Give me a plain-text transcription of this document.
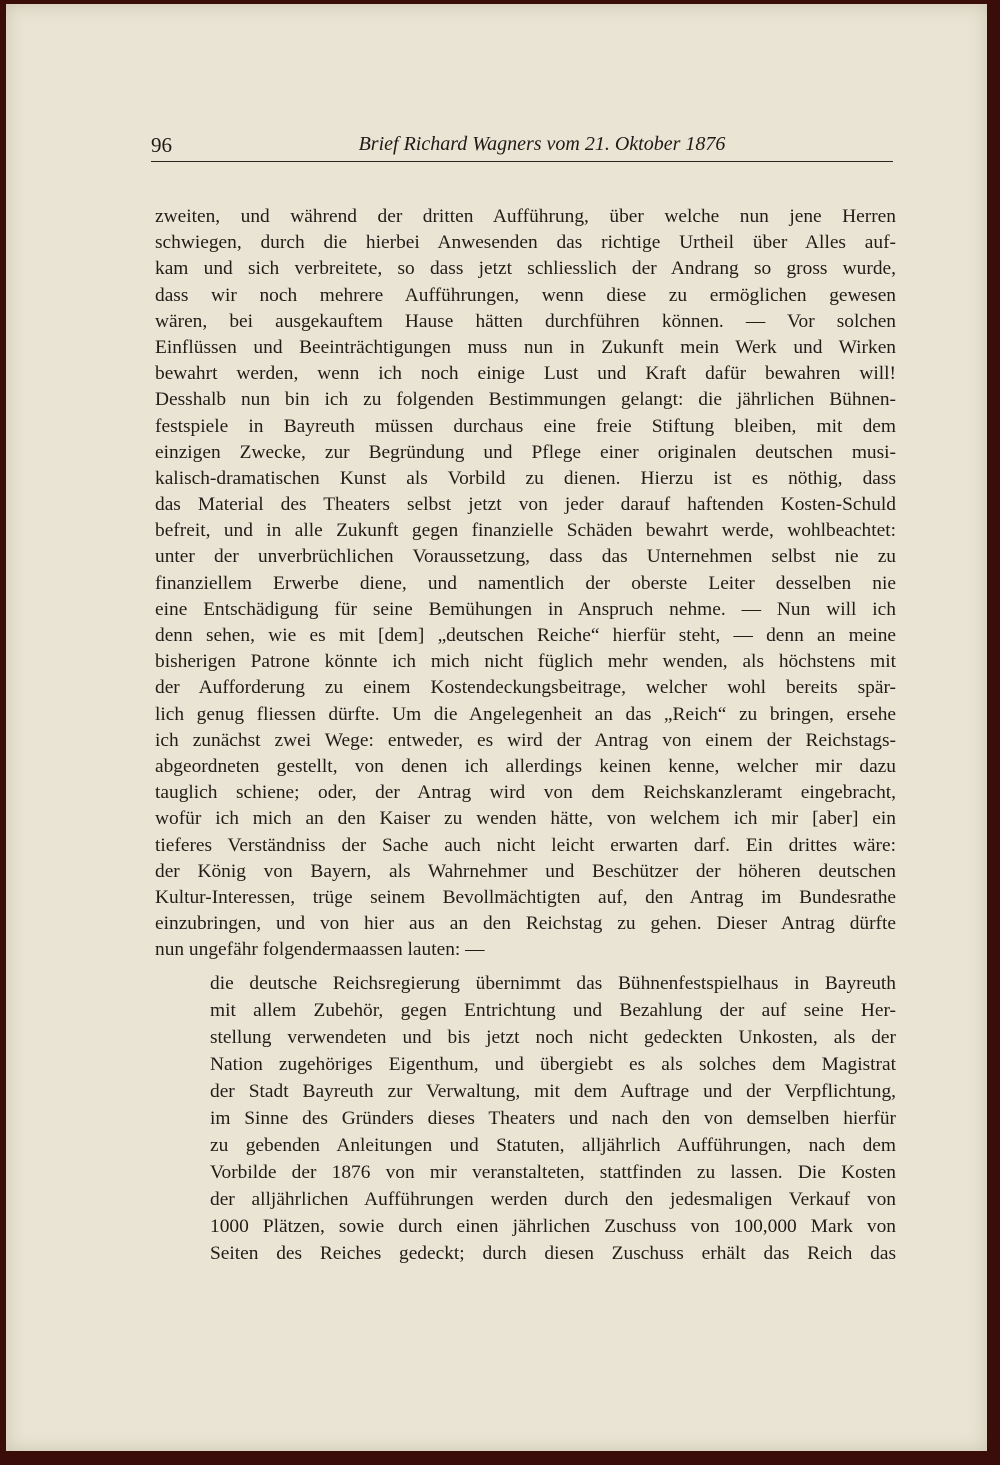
96	Brief Richard Wagners vom 21. Oktober 1876
zweiten, und während der dritten Aufführung, über welche nun jene Herren
schwiegen, durch die hierbei Anwesenden das richtige Urtheil über Alles auf-
kam und sich verbreitete, so dass jetzt schliesslich der Andrang so gross wurde,
dass wir noch mehrere Aufführungen, wenn diese zu ermöglichen gewesen
wären, bei ausgekauftem Hause hätten durchführen können. — Vor solchen
Einflüssen und Beeinträchtigungen muss nun in Zukunft mein Werk und Wirken
bewahrt werden, wenn ich noch einige Lust und Kraft dafür bewahren will!
Desshalb nun bin ich zu folgenden Bestimmungen gelangt: die jährlichen Bühnen-
festspiele in Bayreuth müssen durchaus eine freie Stiftung bleiben, mit dem
einzigen Zwecke, zur Begründung und Pflege einer originalen deutschen musi-
kalisch-dramatischen Kunst als Vorbild zu dienen. Hierzu ist es nöthig, dass
das Material des Theaters selbst jetzt von jeder darauf haftenden Kosten-Schuld
befreit, und in alle Zukunft gegen finanzielle Schäden bewahrt werde, wohlbeachtet:
unter der unverbrüchlichen Voraussetzung, dass das Unternehmen selbst nie zu
finanziellem Erwerbe diene, und namentlich der oberste Leiter desselben nie
eine Entschädigung für seine Bemühungen in Anspruch nehme. — Nun will ich
denn sehen, wie es mit [dem] „deutschen Reiche“ hierfür steht, — denn an meine
bisherigen Patrone könnte ich mich nicht füglich mehr wenden, als höchstens mit
der Aufforderung zu einem Kostendeckungsbeitrage, welcher wohl bereits spär-
lich genug fliessen dürfte. Um die Angelegenheit an das „Reich“ zu bringen, ersehe
ich zunächst zwei Wege: entweder, es wird der Antrag von einem der Reichstags-
abgeordneten gestellt, von denen ich allerdings keinen kenne, welcher mir dazu
tauglich schiene; oder, der Antrag wird von dem Reichskanzleramt eingebracht,
wofür ich mich an den Kaiser zu wenden hätte, von welchem ich mir [aber] ein
tieferes Verständniss der Sache auch nicht leicht erwarten darf. Ein drittes wäre:
der König von Bayern, als Wahrnehmer und Beschützer der höheren deutschen
Kultur-Interessen, trüge seinem Bevollmächtigten auf, den Antrag im Bundesrathe
einzubringen, und von hier aus an den Reichstag zu gehen. Dieser Antrag dürfte
nun ungefähr folgendermaassen lauten: —
die deutsche Reichsregierung übernimmt das Bühnenfestspielhaus in Bayreuth
mit allem Zubehör, gegen Entrichtung und Bezahlung der auf seine Her-
stellung verwendeten und bis jetzt noch nicht gedeckten Unkosten, als der
Nation zugehöriges Eigenthum, und übergiebt es als solches dem Magistrat
der Stadt Bayreuth zur Verwaltung, mit dem Auftrage und der Verpflichtung,
im Sinne des Gründers dieses Theaters und nach den von demselben hierfür
zu gebenden Anleitungen und Statuten, alljährlich Aufführungen, nach dem
Vorbilde der 1876 von mir veranstalteten, stattfinden zu lassen. Die Kosten
der alljährlichen Aufführungen werden durch den jedesmaligen Verkauf von
1000 Plätzen, sowie durch einen jährlichen Zuschuss von 100,000 Mark von
Seiten des Reiches gedeckt; durch diesen Zuschuss erhält das Reich das
